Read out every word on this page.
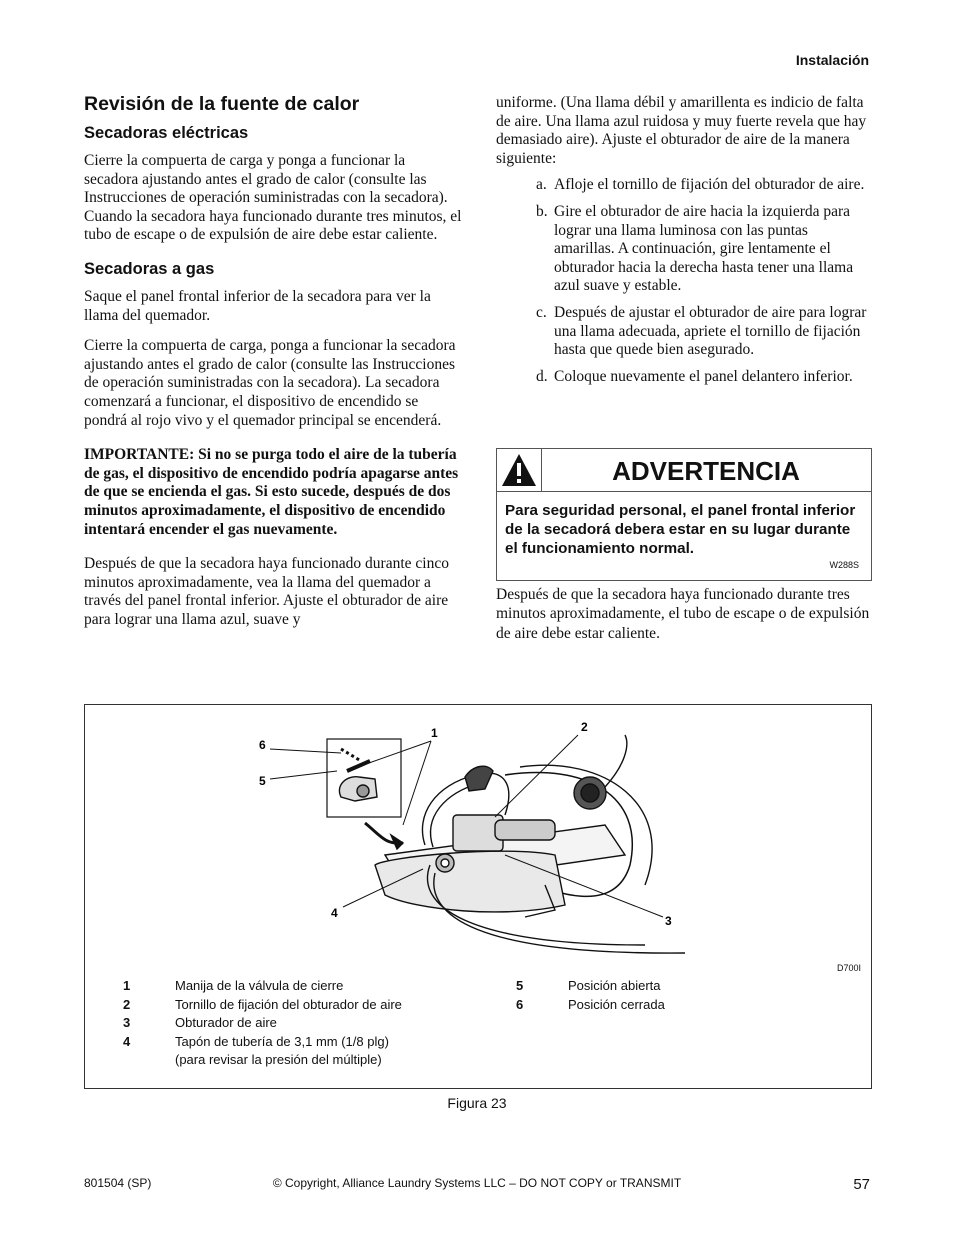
Instalación
Revisión de la fuente de calor
Secadoras eléctricas

Cierre la compuerta de carga y ponga a funcionar la secadora ajustando antes el grado de calor (consulte las Instrucciones de operación suministradas con la secadora). Cuando la secadora haya funcionado durante tres minutos, el tubo de escape o de expulsión de aire debe estar caliente.

Secadoras a gas

Saque el panel frontal inferior de la secadora para ver la llama del quemador.

Cierre la compuerta de carga, ponga a funcionar la secadora ajustando antes el grado de calor (consulte las Instrucciones de operación suministradas con la secadora). La secadora comenzará a funcionar, el dispositivo de encendido se pondrá al rojo vivo y el quemador principal se encenderá.

IMPORTANTE: Si no se purga todo el aire de la tubería de gas, el dispositivo de encendido podría apagarse antes de que se encienda el gas. Si esto sucede, después de dos minutos aproximadamente, el dispositivo de encendido intentará encender el gas nuevamente.

Después de que la secadora haya funcionado durante cinco minutos aproximadamente, vea la llama del quemador a través del panel frontal inferior. Ajuste el obturador de aire para lograr una llama azul, suave y

uniforme. (Una llama débil y amarillenta es indicio de falta de aire. Una llama azul ruidosa y muy fuerte revela que hay demasiado aire). Ajuste el obturador de aire de la manera siguiente:

a. Afloje el tornillo de fijación del obturador de aire.
b. Gire el obturador de aire hacia la izquierda para lograr una llama luminosa con las puntas amarillas. A continuación, gire lentamente el obturador hacia la derecha hasta tener una llama azul suave y estable.
c. Después de ajustar el obturador de aire para lograr una llama adecuada, apriete el tornillo de fijación hasta que quede bien asegurado.
d. Coloque nuevamente el panel delantero inferior.
ADVERTENCIA
Para seguridad personal, el panel frontal inferior de la secadorá debera estar en su lugar durante el funcionamiento normal.
W288S
Después de que la secadora haya funcionado durante tres minutos aproximadamente, el tubo de escape o de expulsión de aire debe estar caliente.
1	2
3
4
5
6
D700I
1	Manija de la válvula de cierre
2	Tornillo de fijación del obturador de aire
3	Obturador de aire
4	Tapón de tubería de 3,1 mm (1/8 plg)
(para revisar la presión del múltiple)
5	Posición abierta
6	Posición cerrada
Figura 23
801504 (SP)	© Copyright, Alliance Laundry Systems LLC – DO NOT COPY or TRANSMIT	57
